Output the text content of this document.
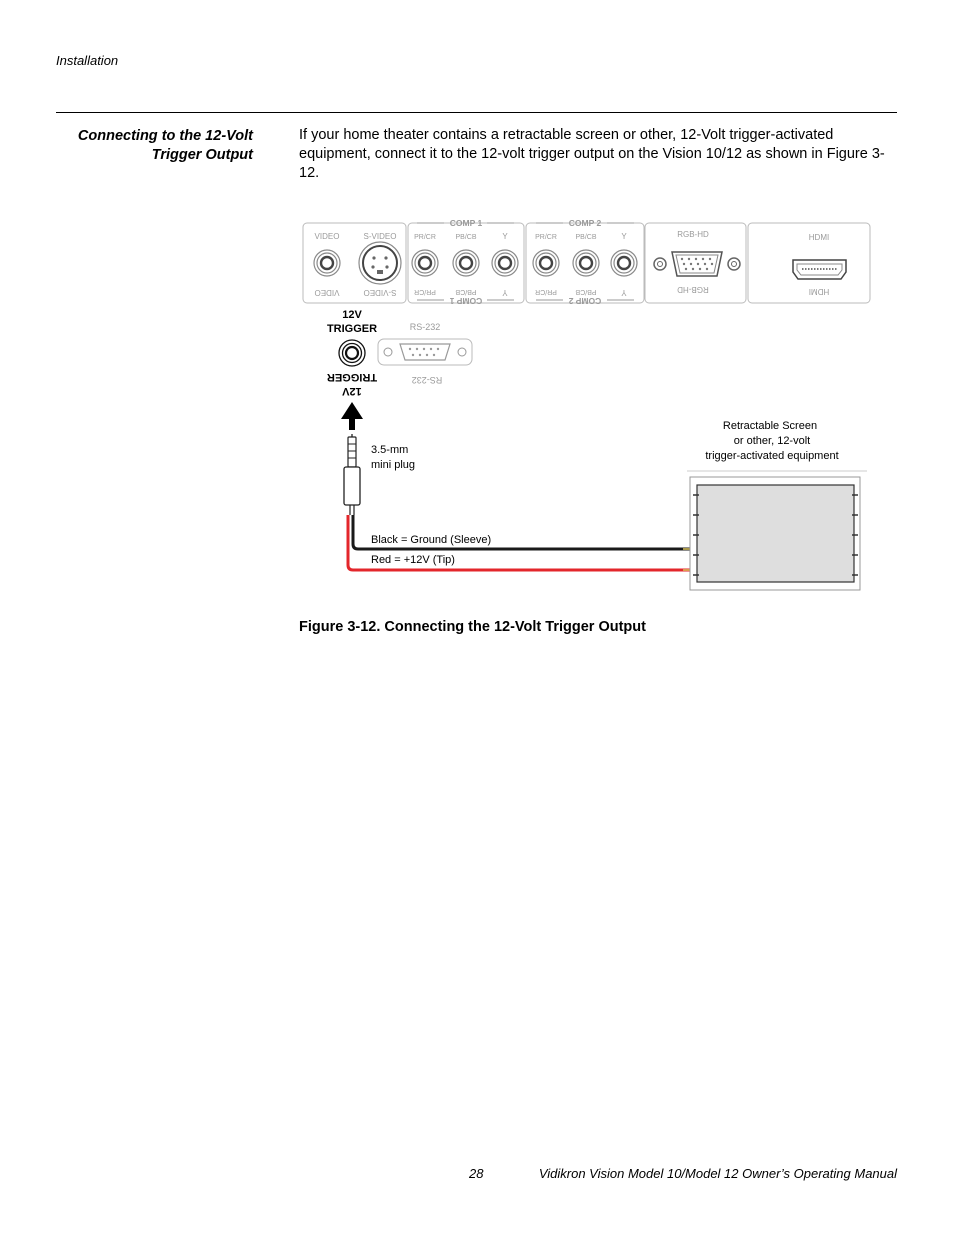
Installation
Connecting to the 12-Volt
Trigger Output
If your home theater contains a retractable screen or other, 12-Volt trigger-activated equipment, connect it to the 12-volt trigger output on the Vision 10/12 as shown in Figure 3-12.
VIDEO	S-VIDEO	PR/CR	PB/CB	Y	PR/CR	PB/CB	Y	RGB-HD	HDMI
RS-232
COMP 1	COMP 2
VIDEO	S-VIDEO	PR/CR	PB/CB	Y	PR/CR	PB/CB	Y	RGB-HD	HDMI
COMP 1	COMP 2
12V
TRIGGER
TRIGGER
12V
RS-232
3.5-mm
mini plug
Black = Ground (Sleeve)
Red = +12V (Tip)
Retractable Screen
or other, 12-volt
trigger-activated equipment
Figure 3-12. Connecting the 12-Volt Trigger Output
28	Vidikron Vision Model 10/Model 12 Owner’s Operating Manual
